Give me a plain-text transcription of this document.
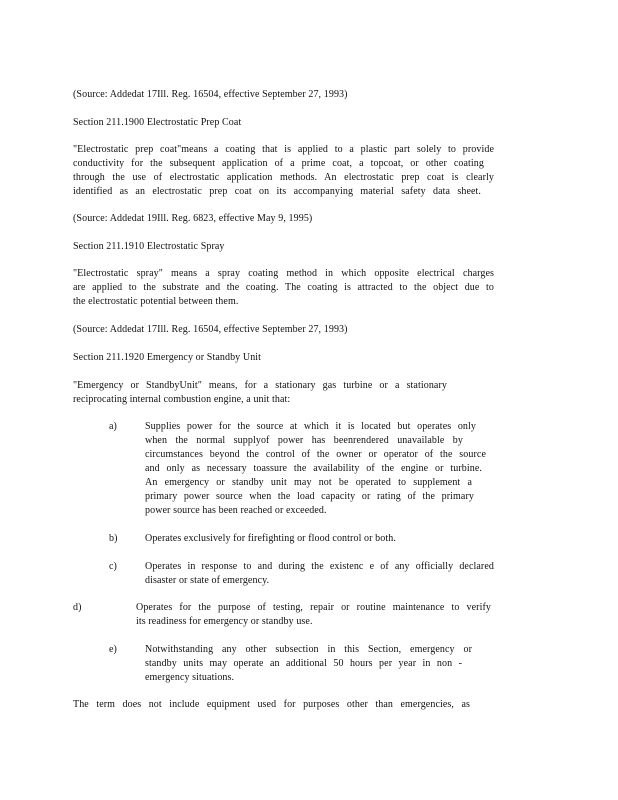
(Source: Addedat 17Ill. Reg. 16504, effective September 27, 1993)
Section 211.1900 Electrostatic Prep Coat
"Electrostatic prep coat"means a coating that is applied to a plastic part solely to provide
conductivity for the subsequent application of a prime coat, a topcoat, or other coating
through the use of electrostatic application methods. An electrostatic prep coat is clearly
identified as an electrostatic prep coat on its accompanying material safety data sheet.
(Source: Addedat 19Ill. Reg. 6823, effective May 9, 1995)
Section 211.1910 Electrostatic Spray
"Electrostatic spray" means a spray coating method in which opposite electrical charges
are applied to the substrate and the coating. The coating is attracted to the object due to
the electrostatic potential between them.
(Source: Addedat 17Ill. Reg. 16504, effective September 27, 1993)
Section 211.1920 Emergency or Standby Unit
"Emergency or StandbyUnit" means, for a stationary gas turbine or a stationary
reciprocating internal combustion engine, a unit that:
a)	Supplies power for the source at which it is located but operates only
when the normal supplyof power has beenrendered unavailable by
circumstances beyond the control of the owner or operator of the source
and only as necessary toassure the availability of the engine or turbine.
An emergency or standby unit may not be operated to supplement a
primary power source when the load capacity or rating of the primary
power source has been reached or exceeded.
b)	Operates exclusively for firefighting or flood control or both.
c)	Operates in response to and during the existenc e of any officially declared
disaster or state of emergency.
d)	Operates for the purpose of testing, repair or routine maintenance to verify
its readiness for emergency or standby use.
e)	Notwithstanding any other subsection in this Section, emergency or
standby units may operate an additional 50 hours per year in non -
emergency situations.
The term does not include equipment used for purposes other than emergencies, as
